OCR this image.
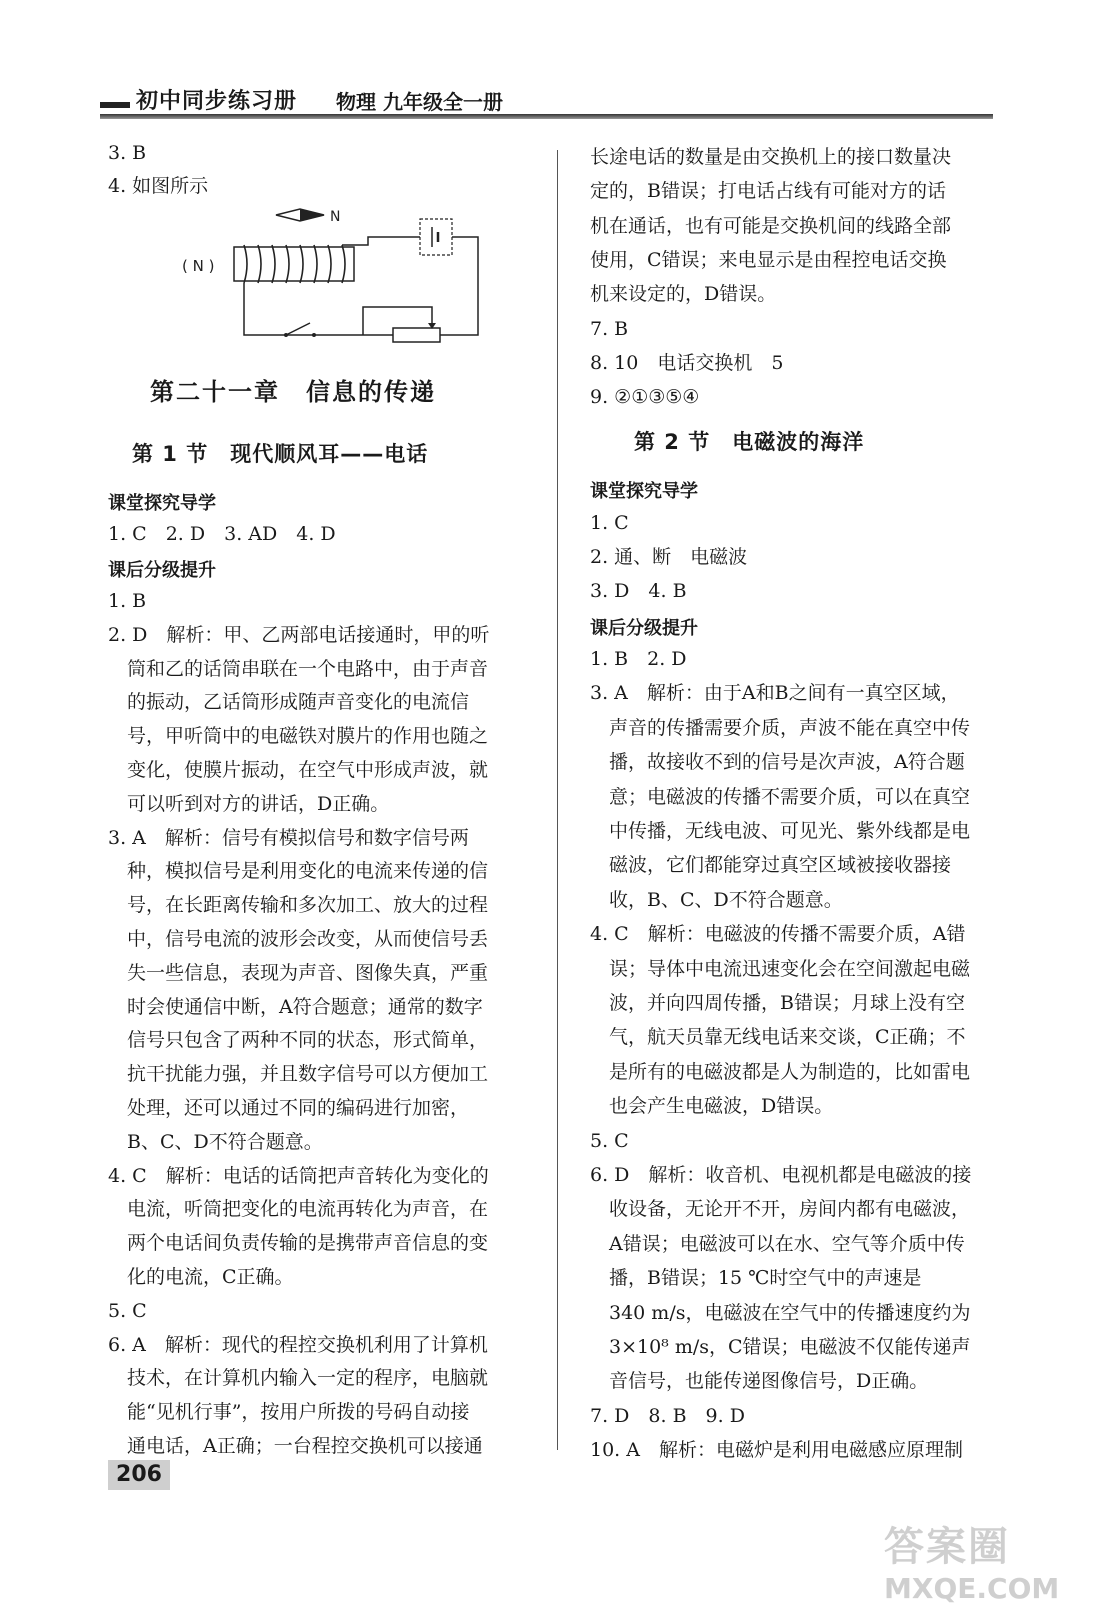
初中同步练习册 物理 九年级全一册
3. B
4. 如图所示
N
( N )
第二十一章　信息的传递
第 1 节　现代顺风耳——电话
课堂探究导学
1. C　2. D　3. AD　4. D
课后分级提升
1. B
2. D　解析：甲、乙两部电话接通时，甲的听
　筒和乙的话筒串联在一个电路中，由于声音
　的振动，乙话筒形成随声音变化的电流信
　号，甲听筒中的电磁铁对膜片的作用也随之
　变化，使膜片振动，在空气中形成声波，就
　可以听到对方的讲话，D正确。
3. A　解析：信号有模拟信号和数字信号两
　种，模拟信号是利用变化的电流来传递的信
　号，在长距离传输和多次加工、放大的过程
　中，信号电流的波形会改变，从而使信号丢
　失一些信息，表现为声音、图像失真，严重
　时会使通信中断，A符合题意；通常的数字
　信号只包含了两种不同的状态，形式简单，
　抗干扰能力强，并且数字信号可以方便加工
　处理，还可以通过不同的编码进行加密，
　B、C、D不符合题意。
4. C　解析：电话的话筒把声音转化为变化的
　电流，听筒把变化的电流再转化为声音，在
　两个电话间负责传输的是携带声音信息的变
　化的电流，C正确。
5. C
6. A　解析：现代的程控交换机利用了计算机
　技术，在计算机内输入一定的程序，电脑就
　能“见机行事”，按用户所拨的号码自动接
　通电话，A正确；一台程控交换机可以接通
长途电话的数量是由交换机上的接口数量决
定的，B错误；打电话占线有可能对方的话
机在通话，也有可能是交换机间的线路全部
使用，C错误；来电显示是由程控电话交换
机来设定的，D错误。
7. B
8. 10　电话交换机　5
9. ②①③⑤④
第 2 节　电磁波的海洋
课堂探究导学
1. C
2. 通、断　电磁波
3. D　4. B
课后分级提升
1. B　2. D
3. A　解析：由于A和B之间有一真空区域，
　声音的传播需要介质，声波不能在真空中传
　播，故接收不到的信号是次声波，A符合题
　意；电磁波的传播不需要介质，可以在真空
　中传播，无线电波、可见光、紫外线都是电
　磁波，它们都能穿过真空区域被接收器接
　收，B、C、D不符合题意。
4. C　解析：电磁波的传播不需要介质，A错
　误；导体中电流迅速变化会在空间激起电磁
　波，并向四周传播，B错误；月球上没有空
　气，航天员靠无线电话来交谈，C正确；不
　是所有的电磁波都是人为制造的，比如雷电
　也会产生电磁波，D错误。
5. C
6. D　解析：收音机、电视机都是电磁波的接
　收设备，无论开不开，房间内都有电磁波，
　A错误；电磁波可以在水、空气等介质中传
　播，B错误；15 ℃时空气中的声速是
　340 m/s，电磁波在空气中的传播速度约为
　3×10⁸ m/s，C错误；电磁波不仅能传递声
　音信号，也能传递图像信号，D正确。
7. D　8. B　9. D
10. A　解析：电磁炉是利用电磁感应原理制
206
答案圈
MXQE.COM
